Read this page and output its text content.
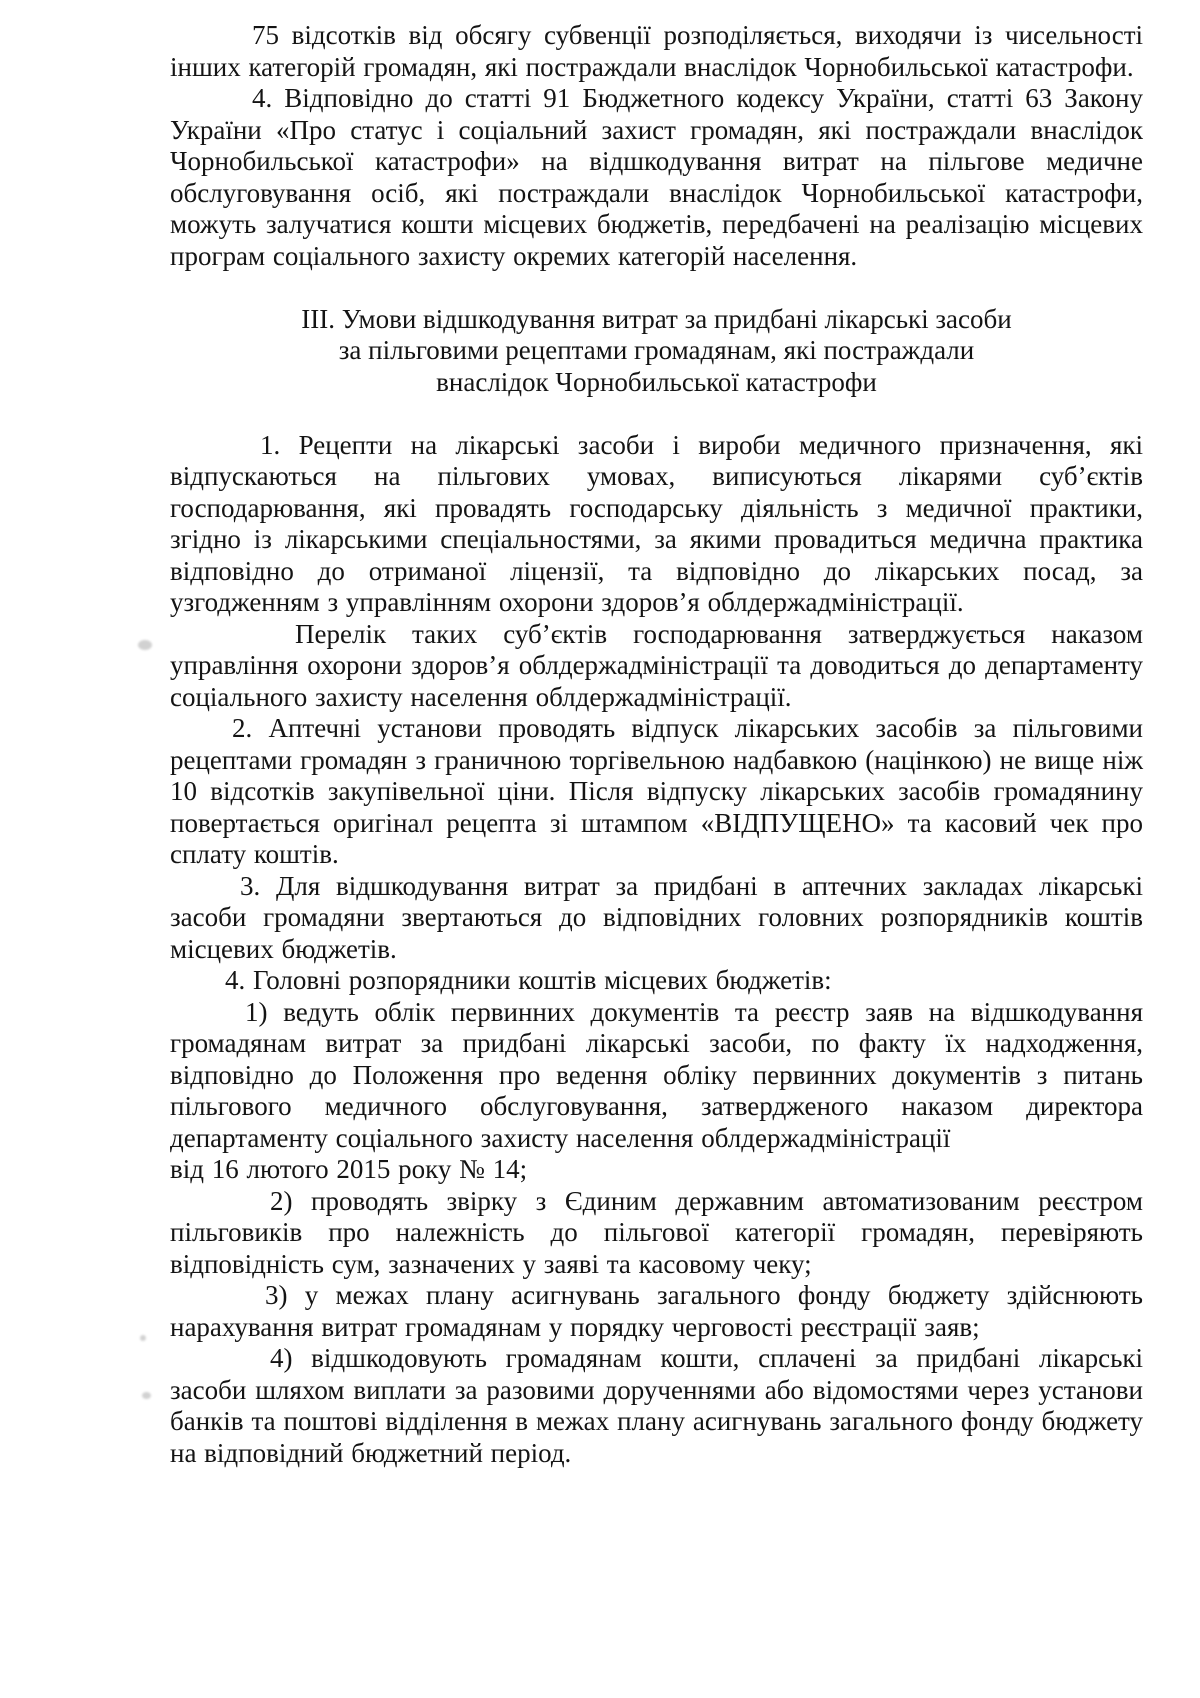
75 відсотків від обсягу субвенції розподіляється, виходячи із чисельності інших категорій громадян, які постраждали внаслідок Чорнобильської катастрофи.

4. Відповідно до статті 91 Бюджетного кодексу України, статті 63 Закону України «Про статус і соціальний захист громадян, які постраждали внаслідок Чорнобильської катастрофи» на відшкодування витрат на пільгове медичне обслуговування осіб, які постраждали внаслідок Чорнобильської катастрофи, можуть залучатися кошти місцевих бюджетів, передбачені на реалізацію місцевих програм соціального захисту окремих категорій населення.

ІІІ. Умови відшкодування витрат за придбані лікарські засоби
за пільговими рецептами громадянам, які постраждали
внаслідок Чорнобильської катастрофи

1. Рецепти на лікарські засоби і вироби медичного призначення, які відпускаються на пільгових умовах, виписуються лікарями суб’єктів господарювання, які провадять господарську діяльність з медичної практики, згідно із лікарськими спеціальностями, за якими провадиться медична практика відповідно до отриманої ліцензії, та відповідно до лікарських посад, за узгодженням з управлінням охорони здоров’я облдержадміністрації.

Перелік таких суб’єктів господарювання затверджується наказом управління охорони здоров’я облдержадміністрації та доводиться до департаменту соціального захисту населення облдержадміністрації.

2. Аптечні установи проводять відпуск лікарських засобів за пільговими рецептами громадян з граничною торгівельною надбавкою (націнкою) не вище ніж 10 відсотків закупівельної ціни. Після відпуску лікарських засобів громадянину повертається оригінал рецепта зі штампом «ВІДПУЩЕНО» та касовий чек про сплату коштів.

3. Для відшкодування витрат за придбані в аптечних закладах лікарські засоби громадяни звертаються до відповідних головних розпорядників коштів місцевих бюджетів.

4. Головні розпорядники коштів місцевих бюджетів:

1) ведуть облік первинних документів та реєстр заяв на відшкодування громадянам витрат за придбані лікарські засоби, по факту їх надходження, відповідно до Положення про ведення обліку первинних документів з питань пільгового медичного обслуговування, затвердженого наказом директора департаменту соціального захисту населення облдержадміністрації

від 16 лютого 2015 року № 14;

2) проводять звірку з Єдиним державним автоматизованим реєстром пільговиків про належність до пільгової категорії громадян, перевіряють відповідність сум, зазначених у заяві та касовому чеку;

3) у межах плану асигнувань загального фонду бюджету здійснюють нарахування витрат громадянам у порядку черговості реєстрації заяв;

4) відшкодовують громадянам кошти, сплачені за придбані лікарські засоби шляхом виплати за разовими дорученнями або відомостями через установи банків та поштові відділення в межах плану асигнувань загального фонду бюджету на відповідний бюджетний період.
